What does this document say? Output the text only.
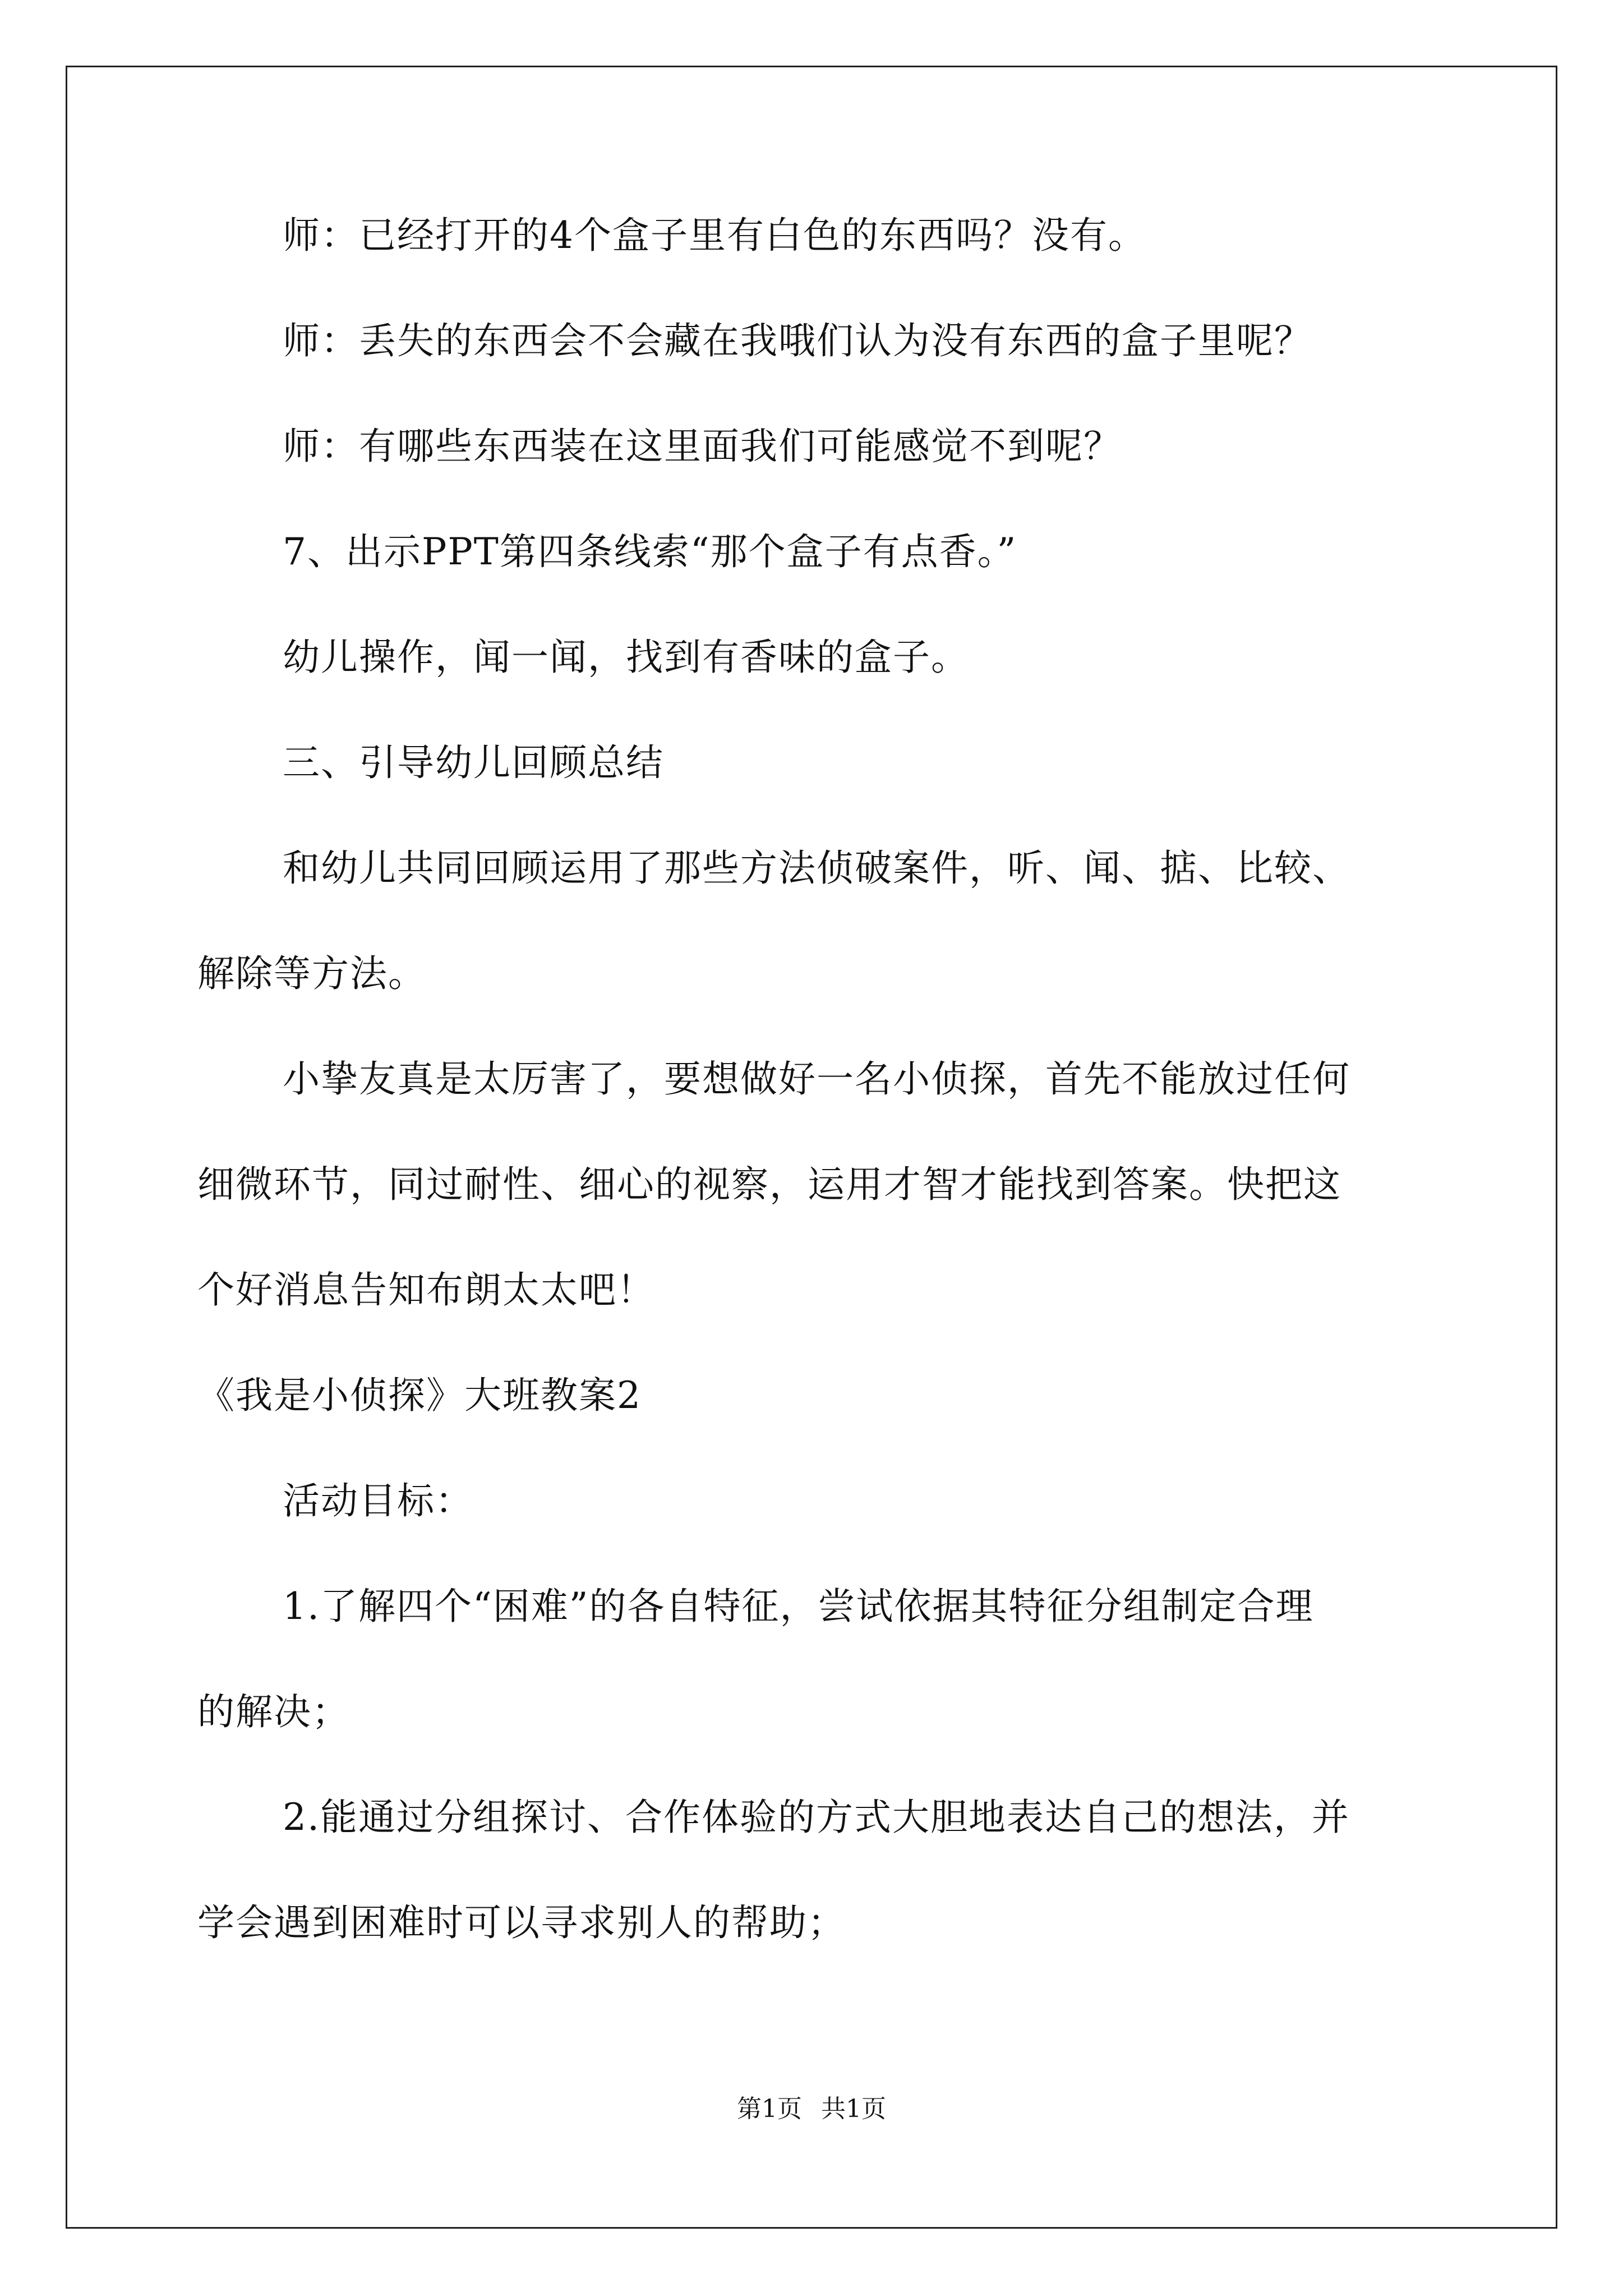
师：已经打开的4个盒子里有白色的东西吗？没有。
师：丢失的东西会不会藏在我哦们认为没有东西的盒子里呢？
师：有哪些东西装在这里面我们可能感觉不到呢？
7、出示PPT第四条线索“那个盒子有点香。”
幼儿操作，闻一闻，找到有香味的盒子。
三、引导幼儿回顾总结
和幼儿共同回顾运用了那些方法侦破案件，听、闻、掂、比较、
解除等方法。
小挚友真是太厉害了，要想做好一名小侦探，首先不能放过任何
细微环节，同过耐性、细心的视察，运用才智才能找到答案。快把这
个好消息告知布朗太太吧！
《我是小侦探》大班教案2
活动目标：
1.了解四个“困难”的各自特征，尝试依据其特征分组制定合理
的解决；
2.能通过分组探讨、合作体验的方式大胆地表达自己的想法，并
学会遇到困难时可以寻求别人的帮助；
第1页 共1页
